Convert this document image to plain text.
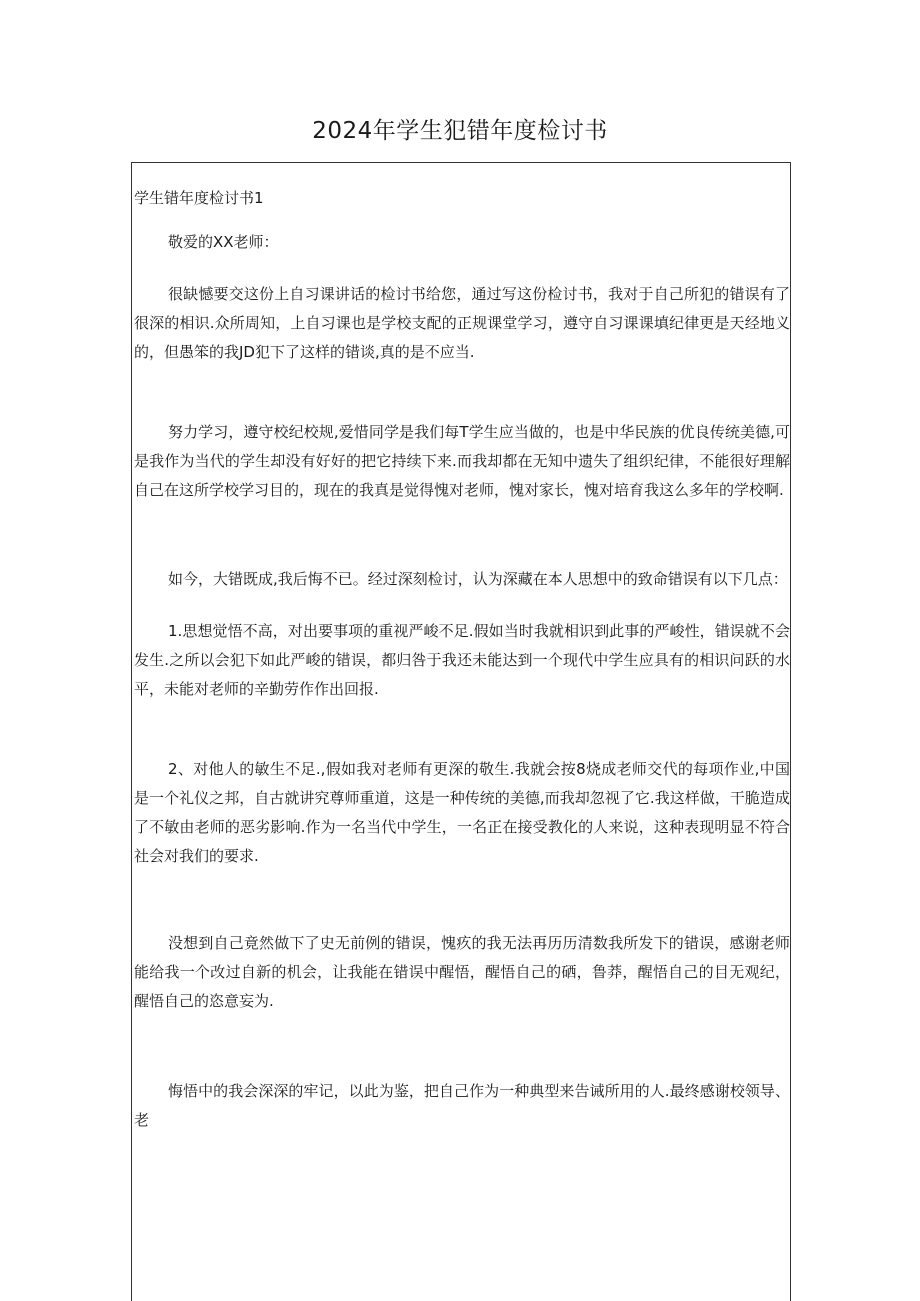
2024年学生犯错年度检讨书
学生错年度检讨书1

敬爱的XX老师：

很缺憾要交这份上自习课讲话的检讨书给您，通过写这份检讨书，我对于自己所犯的错误有了很深的相识.众所周知，上自习课也是学校支配的正规课堂学习，遵守自习课课填纪律更是天经地义的，但愚笨的我JD犯下了这样的错谈,真的是不应当.

努力学习，遵守校纪校规,爱惜同学是我们每T学生应当做的，也是中华民族的优良传统美德,可是我作为当代的学生却没有好好的把它持续下来.而我却都在无知中遗失了组织纪律，不能很好理解自己在这所学校学习目的，现在的我真是觉得愧对老师，愧对家长，愧对培育我这么多年的学校啊.

如今，大错既成,我后悔不已。经过深刻检讨，认为深藏在本人思想中的致命错误有以下几点：

1.思想觉悟不高，对出要事项的重视严峻不足.假如当时我就相识到此事的严峻性，错误就不会发生.之所以会犯下如此严峻的错误，都归咎于我还未能达到一个现代中学生应具有的相识问跃的水平，未能对老师的辛勤劳作作出回报.

2、对他人的敏生不足.,假如我对老师有更深的敬生.我就会按8烧成老师交代的每项作业,中国是一个礼仪之邦，自古就讲究尊师重道，这是一种传统的美德,而我却忽视了它.我这样做，干脆造成了不敏由老师的恶劣影响.作为一名当代中学生，一名正在接受教化的人来说，这种表现明显不符合社会对我们的要求.

没想到自己竟然做下了史无前例的错误，愧疚的我无法再历历清数我所发下的错误，感谢老师能给我一个改过自新的机会，让我能在错误中醒悟，醒悟自己的硒，鲁莽，醒悟自己的目无观纪，醒悟自己的恣意妄为.

悔悟中的我会深深的牢记，以此为鉴，把自己作为一种典型来告诫所用的人.最终感谢校领导、老
